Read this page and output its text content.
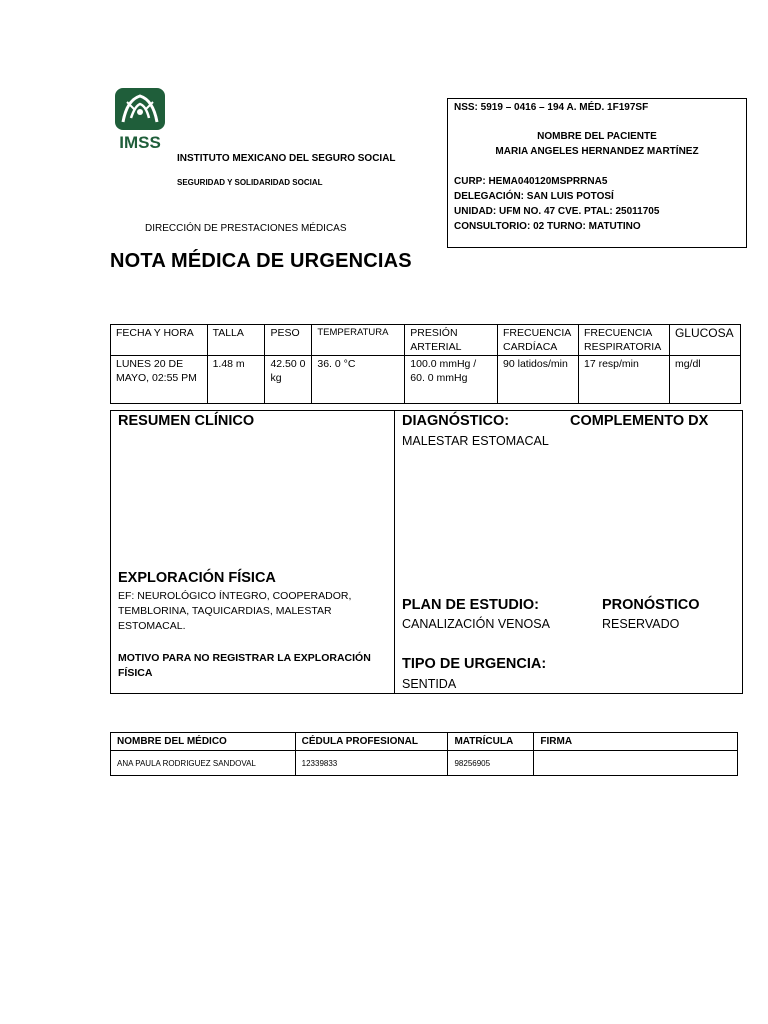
IMSS
INSTITUTO MEXICANO DEL SEGURO SOCIAL
SEGURIDAD Y SOLIDARIDAD SOCIAL
DIRECCIÓN DE PRESTACIONES MÉDICAS
NOTA MÉDICA DE URGENCIAS
NSS: 5919 – 0416 – 194 A. MÉD. 1F197SF
NOMBRE DEL PACIENTE
MARIA ANGELES HERNANDEZ MARTÍNEZ
CURP: HEMA040120MSPRRNA5
DELEGACIÓN: SAN LUIS POTOSÍ
UNIDAD: UFM NO. 47 CVE. PTAL: 25011705
CONSULTORIO: 02 TURNO: MATUTINO
FECHA Y HORA	TALLA	PESO	TEMPERATURA	PRESIÓN ARTERIAL	FRECUENCIA CARDÍACA	FRECUENCIA RESPIRATORIA	GLUCOSA
LUNES 20 DE MAYO, 02:55 PM	1.48 m	42.50 0 kg	36. 0 °C	100.0 mmHg / 60. 0 mmHg	90 latidos/min	17 resp/min	mg/dl
RESUMEN CLÍNICO
EXPLORACIÓN FÍSICA
EF: NEUROLÓGICO ÍNTEGRO, COOPERADOR, TEMBLORINA, TAQUICARDIAS, MALESTAR ESTOMACAL.
MOTIVO PARA NO REGISTRAR LA EXPLORACIÓN FÍSICA
DIAGNÓSTICO:	COMPLEMENTO DX
MALESTAR ESTOMACAL
PLAN DE ESTUDIO:	PRONÓSTICO
CANALIZACIÓN VENOSA	RESERVADO
TIPO DE URGENCIA:
SENTIDA
NOMBRE DEL MÉDICO	CÉDULA PROFESIONAL	MATRÍCULA	FIRMA
ANA PAULA RODRIGUEZ SANDOVAL	12339833	98256905	
